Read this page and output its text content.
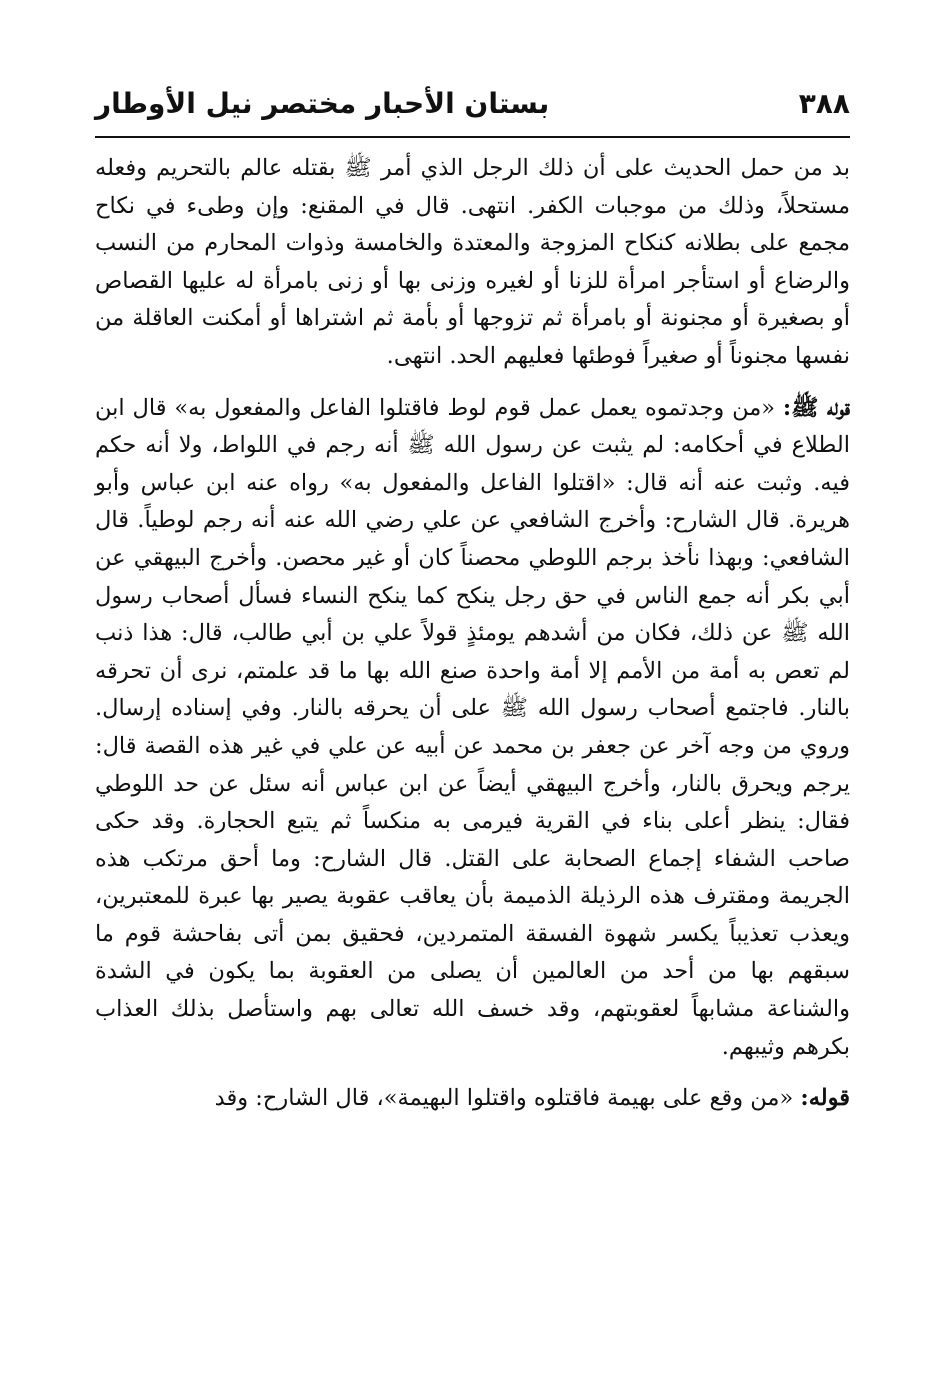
٣٨٨
بستان الأحبار مختصر نيل الأوطار

بد من حمل الحديث على أن ذلك الرجل الذي أمر ﷺ بقتله عالم بالتحريم وفعله مستحلاً، وذلك من موجبات الكفر. انتهى. قال في المقنع: وإن وطىء في نكاح مجمع على بطلانه كنكاح المزوجة والمعتدة والخامسة وذوات المحارم من النسب والرضاع أو استأجر امرأة للزنا أو لغيره وزنى بها أو زنى بامرأة له عليها القصاص أو بصغيرة أو مجنونة أو بامرأة ثم تزوجها أو بأمة ثم اشتراها أو أمكنت العاقلة من نفسها مجنوناً أو صغيراً فوطئها فعليهم الحد. انتهى.

قوله ﷺ: «من وجدتموه يعمل عمل قوم لوط فاقتلوا الفاعل والمفعول به» قال ابن الطلاع في أحكامه: لم يثبت عن رسول الله ﷺ أنه رجم في اللواط، ولا أنه حكم فيه. وثبت عنه أنه قال: «اقتلوا الفاعل والمفعول به» رواه عنه ابن عباس وأبو هريرة. قال الشارح: وأخرج الشافعي عن علي رضي الله عنه أنه رجم لوطياً. قال الشافعي: وبهذا نأخذ برجم اللوطي محصناً كان أو غير محصن. وأخرج البيهقي عن أبي بكر أنه جمع الناس في حق رجل ينكح كما ينكح النساء فسأل أصحاب رسول الله ﷺ عن ذلك، فكان من أشدهم يومئذٍ قولاً علي بن أبي طالب، قال: هذا ذنب لم تعص به أمة من الأمم إلا أمة واحدة صنع الله بها ما قد علمتم، نرى أن تحرقه بالنار. فاجتمع أصحاب رسول الله ﷺ على أن يحرقه بالنار. وفي إسناده إرسال. وروي من وجه آخر عن جعفر بن محمد عن أبيه عن علي في غير هذه القصة قال: يرجم ويحرق بالنار، وأخرج البيهقي أيضاً عن ابن عباس أنه سئل عن حد اللوطي فقال: ينظر أعلى بناء في القرية فيرمى به منكساً ثم يتبع الحجارة. وقد حكى صاحب الشفاء إجماع الصحابة على القتل. قال الشارح: وما أحق مرتكب هذه الجريمة ومقترف هذه الرذيلة الذميمة بأن يعاقب عقوبة يصير بها عبرة للمعتبرين، ويعذب تعذيباً يكسر شهوة الفسقة المتمردين، فحقيق بمن أتى بفاحشة قوم ما سبقهم بها من أحد من العالمين أن يصلى من العقوبة بما يكون في الشدة والشناعة مشابهاً لعقوبتهم، وقد خسف الله تعالى بهم واستأصل بذلك العذاب بكرهم وثيبهم.

قوله: «من وقع على بهيمة فاقتلوه واقتلوا البهيمة»، قال الشارح: وقد
